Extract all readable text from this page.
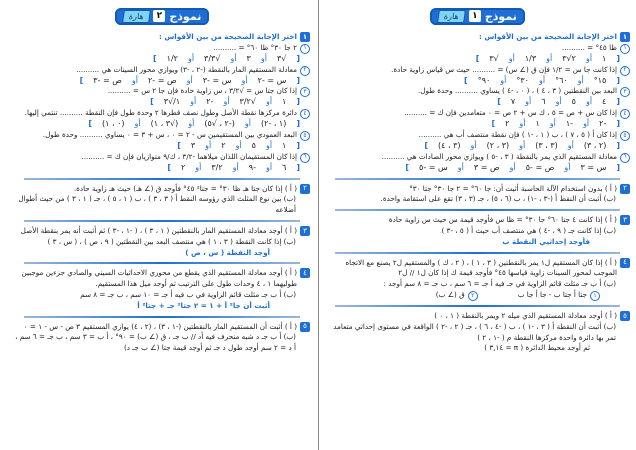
هارة	١ نموذج
١
اختر الإجابة الصحيحة من بين الأقواس :
١
ظا ٤٥° = ..........
[
١
أو
٢√٣
أو
١/٣
أو
√٣
]
٢
إذا كانت جا س = ١/٢ فإن ق (∠ س) = .......... حيث س قياس زاوية حادة.
[
١٥°
أو
٦٠°
أو
٣٠°
أو
٩٠°
]
٣
البعد بين النقطتين ( ٣ ، ٤ ) ، ( ٠ ، -٤ ) يساوي .......... وحدة طول.
[
٤
أو
٥
أو
٦
أو
٧
]
٤
إذا كان س + ص = ٥ ، ك س + ٢ ص = ٠ متعامدين فإن ك = ..........
[
-٢
أو
-١
أو
١
أو
٢
]
٥
إذا كان أ ( ٥ ، ٧ ) ، ب ( ١ ، -١ ) فإن نقطة منتصف أب هي ..........
[
(٢ ، ٣)
أو
(٣ ، ٣)
أو
(٣ ، ٢)
أو
(٣ ، ٤)
]
٦
معادلة المستقيم الذي يمر بالنقطة ( ٣ ، -٥ ) ويوازي محور الصادات هي ..........
[
س = ٣
أو
ص = -٥
أو
ص = ٣
أو
س = -٥
]
٢
( أ ) بدون استخدام الآلة الحاسبة أثبت أن: جا ٦٠° = ٢ جا ٣٠° جتا ٣٠°
(ب) أثبت أن النقط أ (-٣ ، -١) ، ب (٦ ، ٥) ، جـ (٣ ، ٣) تقع على استقامة واحدة.
٣
( أ ) إذا كانت ٤ جتا ٦٠° جا ٣٠° = ظا س فأوجد قيمة س حيث س زاوية حادة
(ب) إذا كانت جـ ( ٩ ، -٤ ) هي منتصف أب حيث أ ( ٥ ، -٣ )
فأوجد إحداثيي النقطة ب
٤
( أ ) إذا كان المستقيم ل١ يمر بالنقطتين ( ٣ ، ١ ) ، ( ٢ ، ك ) والمستقيم ل٢ يصنع مع الاتجاه الموجب لمحور السينات زاوية قياسها ٤٥° فأوجد قيمة ك إذا كان ل١ // ل٢
(ب) أ ب جـ مثلث قائم الزاوية في جـ فيه أ جـ = ٦ سم ، ب جـ = ٨ سم أوجد :
١
جتا أ جتا ب - جا أ جا ب
٢
ق (∠ ب)
٥
( أ ) أوجد معادلة المستقيم الذي ميله ٢ ويمر بالنقطة ( ١ ، ٠ )
(ب) أثبت أن النقطة أ ( ٣ ، -١ ) ، ب ( -٤ ، ٦ ) ، جـ ( ٢ ، -٢ ) الواقعة في مستوى إحداثي متعامد تمر بها دائرة واحدة مركزها النقطة م ( -١ ، ٢ )
ثم أوجد محيط الدائرة ( π = ٣,١٤ )
هارة	٢ نموذج
١
اختر الإجابة الصحيحة من بين الأقواس :
١
٢ جا ٣٠° ظا ٦٠° = ..........
[
√٣
أو
٣
أو
√٣/٣
أو
١/٢
]
٢
معادلة المستقيم المار بالنقطة (-٢ ، -٣) ويوازي محور السينات هي ..........
[
س = -٢
أو
س = -٣
أو
ص = -٢
أو
ص = -٣
]
٣
إذا كان جتا س = √٣/٢ ، س زاوية حادة فإن جا ٢ س = ..........
[
١
أو
√٣/٢
أو
-٢
أو
١/√٣
]
٤
دائرة مركزها نقطة الأصل وطول نصف قطرها ٢ وحدة طول فإن النقطة .......... تنتمي إليها.
[
(١ ، -٢)
أو
(-٢ ، √٥)
أو
(√٣ ، ١)
أو
(٠ ، ١)
]
٥
البعد العمودي بين المستقيمين س - ٢ = ٠ ، س + ٣ = ٠ يساوي .......... وحدة طول.
[
١
أو
٥
أو
٢
أو
٣
]
٦
إذا كان المستقيمان اللذان ميلاهما -٣/٢ ، ك/٩ متوازيان فإن ك = ..........
[
٦
أو
-٩
أو
٣/٢
أو
٢
]
٢
( أ ) إذا كان جتا هـ ظا ٣٠° = جتا² ٤٥° فأوجد ق (∠ هـ) حيث هـ زاوية حادة.
(ب) بين نوع المثلث الذي رؤوسه النقط أ ( ٣ ، ٣ ) ، ب ( ١ ، ٥ ) ، جـ ( ١ ، ٣ ) من حيث أطوال أضلاعه
٣
( أ ) أوجد معادلة المستقيم المار بالنقطتين ( ١ ، ٣ ) ، ( -١ ، -٣ ) ثم أثبت أنه يمر بنقطة الأصل
(ب) إذا كانت النقطة ( ٣ ، ١ ) هي منتصف البعد بين النقطتين ( ٩ ، ص ) ، ( س ، ٣ )
أوجد النقطة ( س ، ص )
٤
( أ ) أوجد معادلة المستقيم الذي يقطع من محوري الاحداثيات السيني والصادي جزءين موجبين طوليهما ١ ، ٤ وحدات طول على الترتيب ثم أوجد ميل هذا المستقيم.
(ب) أ ب جـ مثلث قائم الزاوية في ب فيه أ جـ = ١٠ سم ، ب جـ = ٨ سم
أثبت أن جا² أ + ١ = ٢ جتا² جـ + جتا² أ
٥
( أ ) أثبت أن المستقيم المار بالنقطتين (-١ ، ٣) ، (٢ ، ٤) يوازي المستقيم ٣ ص - س - ١ = ٠
(ب) أ ب جـ د شبه منحرف فيه أد // ب جـ ، ق (∠ ب) = ٩٠° ، أ ب = ٣ سم ، ب جـ = ٦ سم ، أ د = ٢ سم أوجد طول د جـ ثم أوجد قيمة جتا (∠ ب جـ د)
